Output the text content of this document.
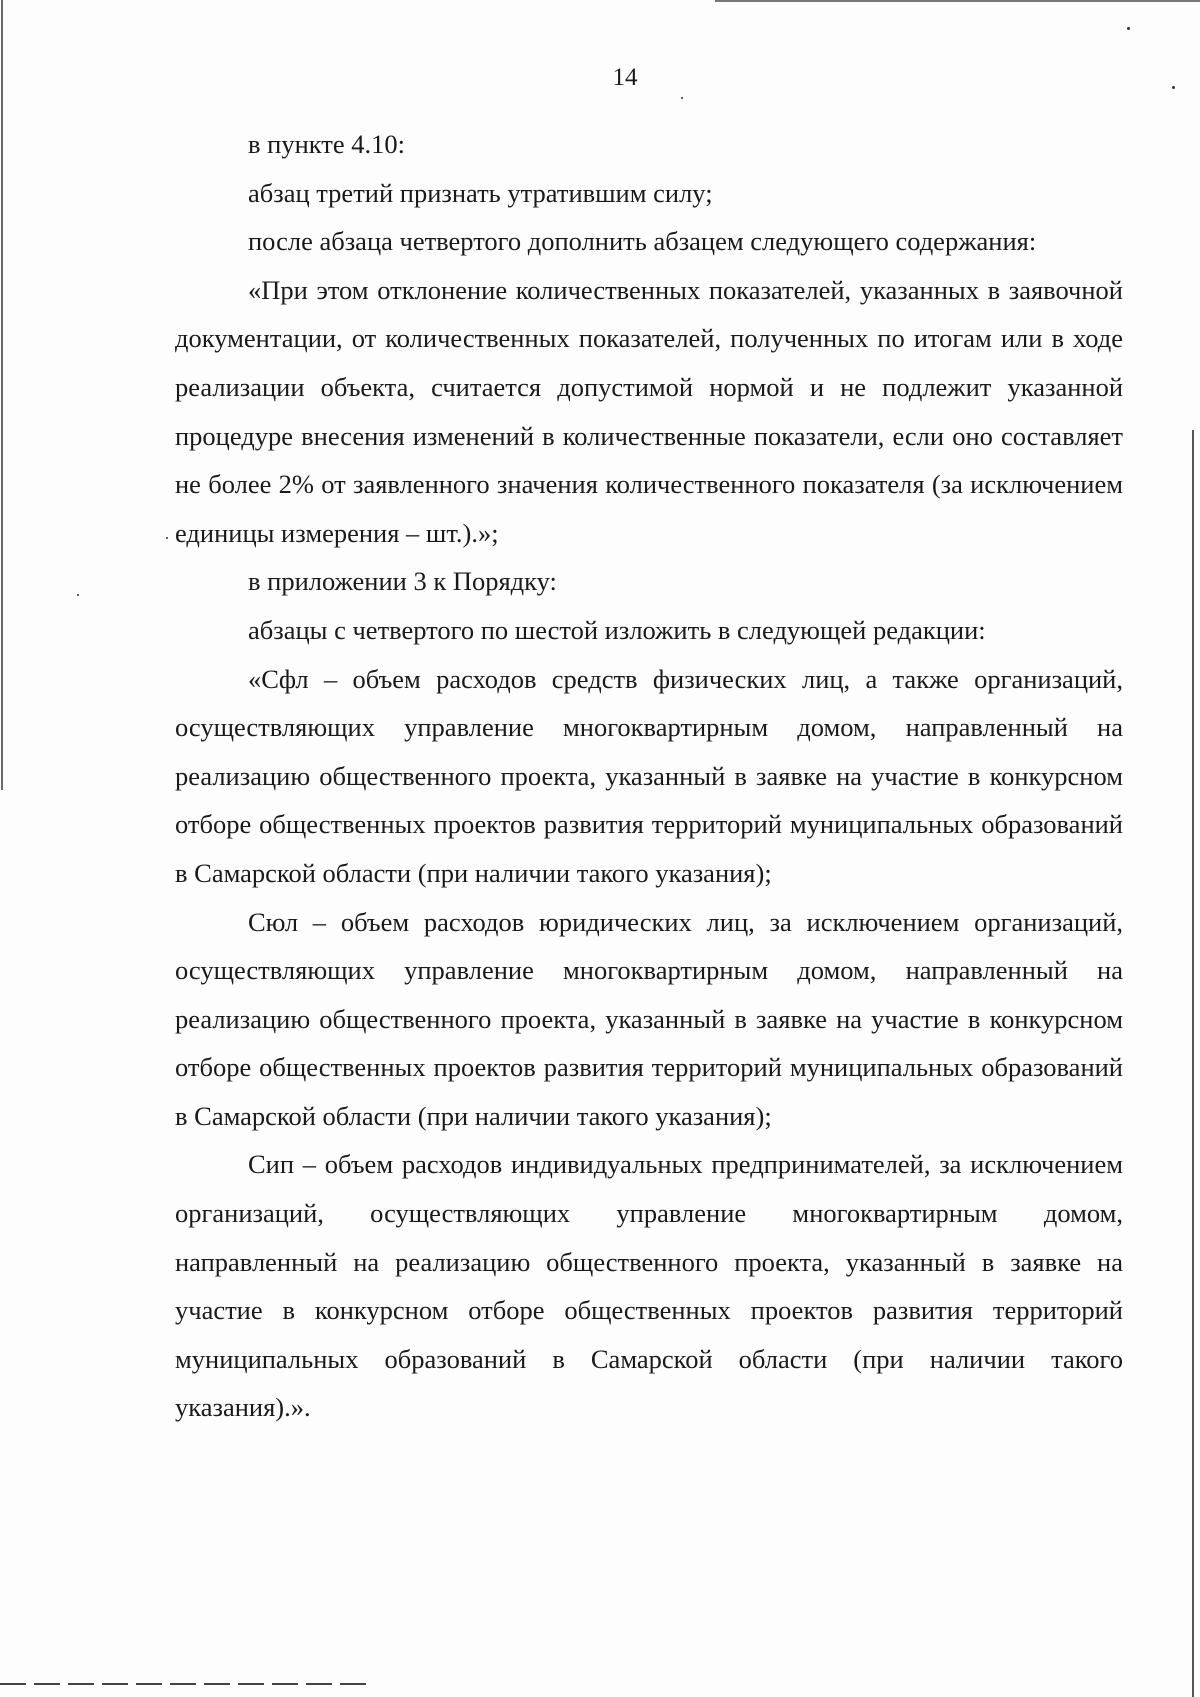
14

в пункте 4.10:

абзац третий признать утратившим силу;

после абзаца четвертого дополнить абзацем следующего содержания:

«При этом отклонение количественных показателей, указанных в заявочной документации, от количественных показателей, полученных по итогам или в ходе реализации объекта, считается допустимой нормой и не подлежит указанной процедуре внесения изменений в количественные показатели, если оно составляет не более 2% от заявленного значения количественного показателя (за исключением единицы измерения – шт.).»;

в приложении 3 к Порядку:

абзацы с четвертого по шестой изложить в следующей редакции:

«Сфл – объем расходов средств физических лиц, а также организаций, осуществляющих управление многоквартирным домом, направленный на реализацию общественного проекта, указанный в заявке на участие в конкурсном отборе общественных проектов развития территорий муниципальных образований в Самарской области (при наличии такого указания);

Сюл – объем расходов юридических лиц, за исключением организаций, осуществляющих управление многоквартирным домом, направленный на реализацию общественного проекта, указанный в заявке на участие в конкурсном отборе общественных проектов развития территорий муниципальных образований в Самарской области (при наличии такого указания);

Сип – объем расходов индивидуальных предпринимателей, за исключением организаций, осуществляющих управление многоквартирным домом, направленный на реализацию общественного проекта, указанный в заявке на участие в конкурсном отборе общественных проектов развития территорий муниципальных образований в Самарской области (при наличии такого указания).».
